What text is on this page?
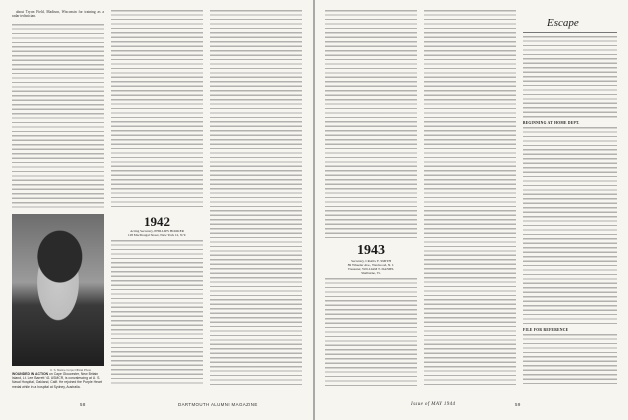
about Tryon Field, Madison, Wisconsin for training as a radar technician.

1942
Acting Secretary, PHILLIPS HOOKER
128 MacDougal Street, New York 12, N.Y.
U. S. Marine Corps Official Photo
WOUNDED IN ACTION on Cape Gloucester, New Britain Island, Lt. Lee Barrett '41 USMCR, is convalescing at U. S. Naval Hospital, Oakland, Calif. He rejoined the Purple Heart medal while in a hospital at Sydney, Australia.
58	DARTMOUTH ALUMNI MAGAZINE
Escape
BEGINNING AT HOME DEPT.
FILE FOR REFERENCE
1943
Secretary, CRAIG Y. SMITH
89 Wheeler Ave., Westwood, N. J.
Treasurer, WILLIAM T. DANIEL
Shelburne, Vt.
Issue of MAY 1944	59
